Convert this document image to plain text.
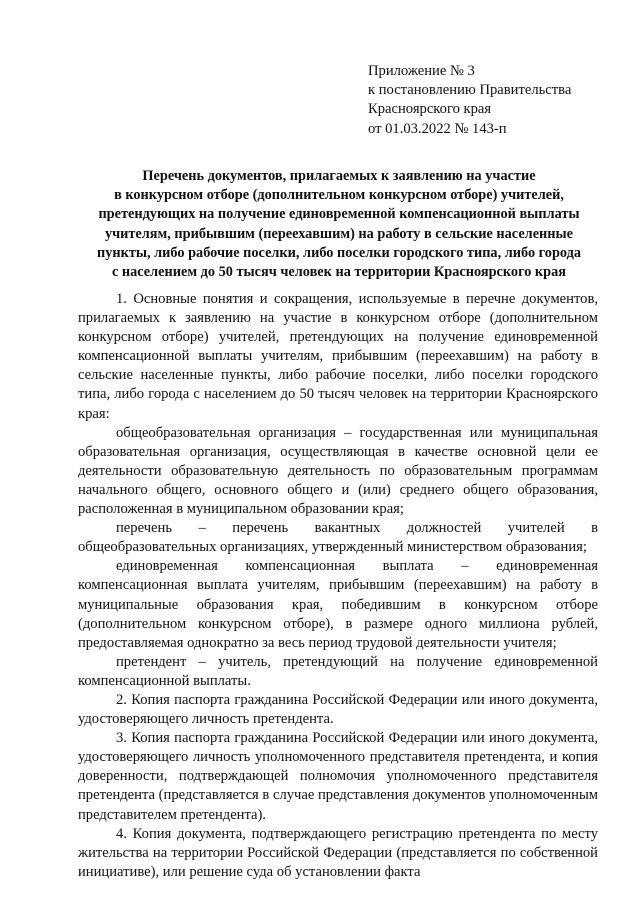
Приложение № 3
к постановлению Правительства
Красноярского края
от 01.03.2022 № 143-п
Перечень документов, прилагаемых к заявлению на участие
в конкурсном отборе (дополнительном конкурсном отборе) учителей,
претендующих на получение единовременной компенсационной выплаты
учителям, прибывшим (переехавшим) на работу в сельские населенные
пункты, либо рабочие поселки, либо поселки городского типа, либо города
с населением до 50 тысяч человек на территории Красноярского края

1. Основные понятия и сокращения, используемые в перечне документов, прилагаемых к заявлению на участие в конкурсном отборе (дополнительном конкурсном отборе) учителей, претендующих на получение единовременной компенсационной выплаты учителям, прибывшим (переехавшим) на работу в сельские населенные пункты, либо рабочие поселки, либо поселки городского типа, либо города с населением до 50 тысяч человек на территории Красноярского края:

общеобразовательная организация – государственная или муниципальная образовательная организация, осуществляющая в качестве основной цели ее деятельности образовательную деятельность по образовательным программам начального общего, основного общего и (или) среднего общего образования, расположенная в муниципальном образовании края;

перечень – перечень вакантных должностей учителей в общеобразовательных организациях, утвержденный министерством образования;

единовременная компенсационная выплата – единовременная компенсационная выплата учителям, прибывшим (переехавшим) на работу в муниципальные образования края, победившим в конкурсном отборе (дополнительном конкурсном отборе), в размере одного миллиона рублей, предоставляемая однократно за весь период трудовой деятельности учителя;

претендент – учитель, претендующий на получение единовременной компенсационной выплаты.

2. Копия паспорта гражданина Российской Федерации или иного документа, удостоверяющего личность претендента.

3. Копия паспорта гражданина Российской Федерации или иного документа, удостоверяющего личность уполномоченного представителя претендента, и копия доверенности, подтверждающей полномочия уполномоченного представителя претендента (представляется в случае представления документов уполномоченным представителем претендента).

4. Копия документа, подтверждающего регистрацию претендента по месту жительства на территории Российской Федерации (представляется по собственной инициативе), или решение суда об установлении факта
